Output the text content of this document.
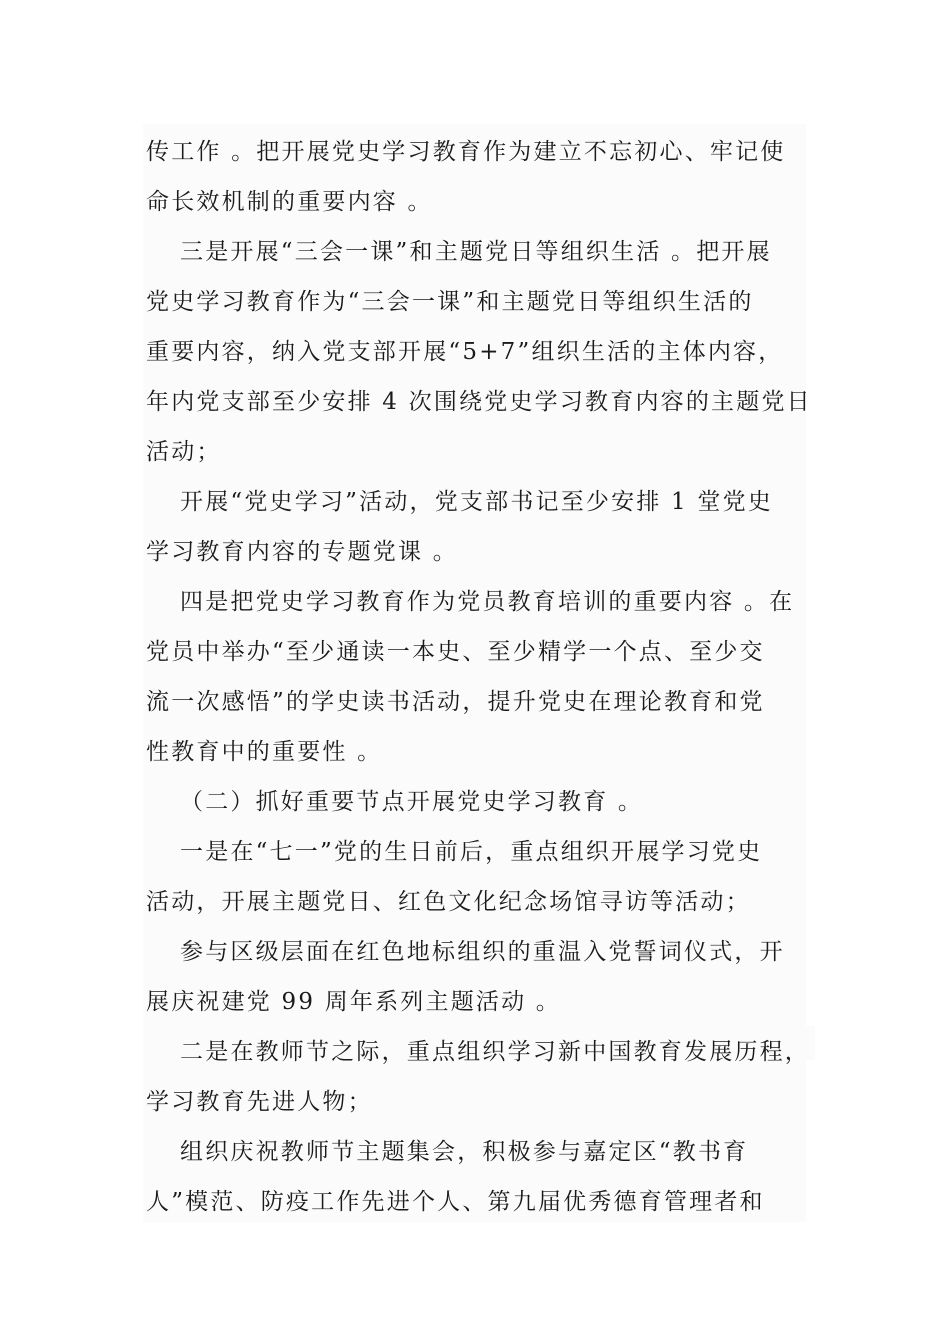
传工作 。把开展党史学习教育作为建立不忘初心、牢记使

命长效机制的重要内容 。

三是开展“三会一课”和主题党日等组织生活 。把开展

党史学习教育作为“三会一课”和主题党日等组织生活的

重要内容，纳入党支部开展“5+7”组织生活的主体内容，

年内党支部至少安排 4 次围绕党史学习教育内容的主题党日

活动；

开展“党史学习”活动，党支部书记至少安排 1 堂党史

学习教育内容的专题党课 。

四是把党史学习教育作为党员教育培训的重要内容 。在

党员中举办“至少通读一本史、至少精学一个点、至少交

流一次感悟”的学史读书活动，提升党史在理论教育和党

性教育中的重要性 。

（二）抓好重要节点开展党史学习教育 。

一是在“七一”党的生日前后，重点组织开展学习党史

活动，开展主题党日、红色文化纪念场馆寻访等活动；

参与区级层面在红色地标组织的重温入党誓词仪式，开

展庆祝建党 99 周年系列主题活动 。

二是在教师节之际，重点组织学习新中国教育发展历程，

学习教育先进人物；

组织庆祝教师节主题集会，积极参与嘉定区“教书育

人”模范、防疫工作先进个人、第九届优秀德育管理者和
